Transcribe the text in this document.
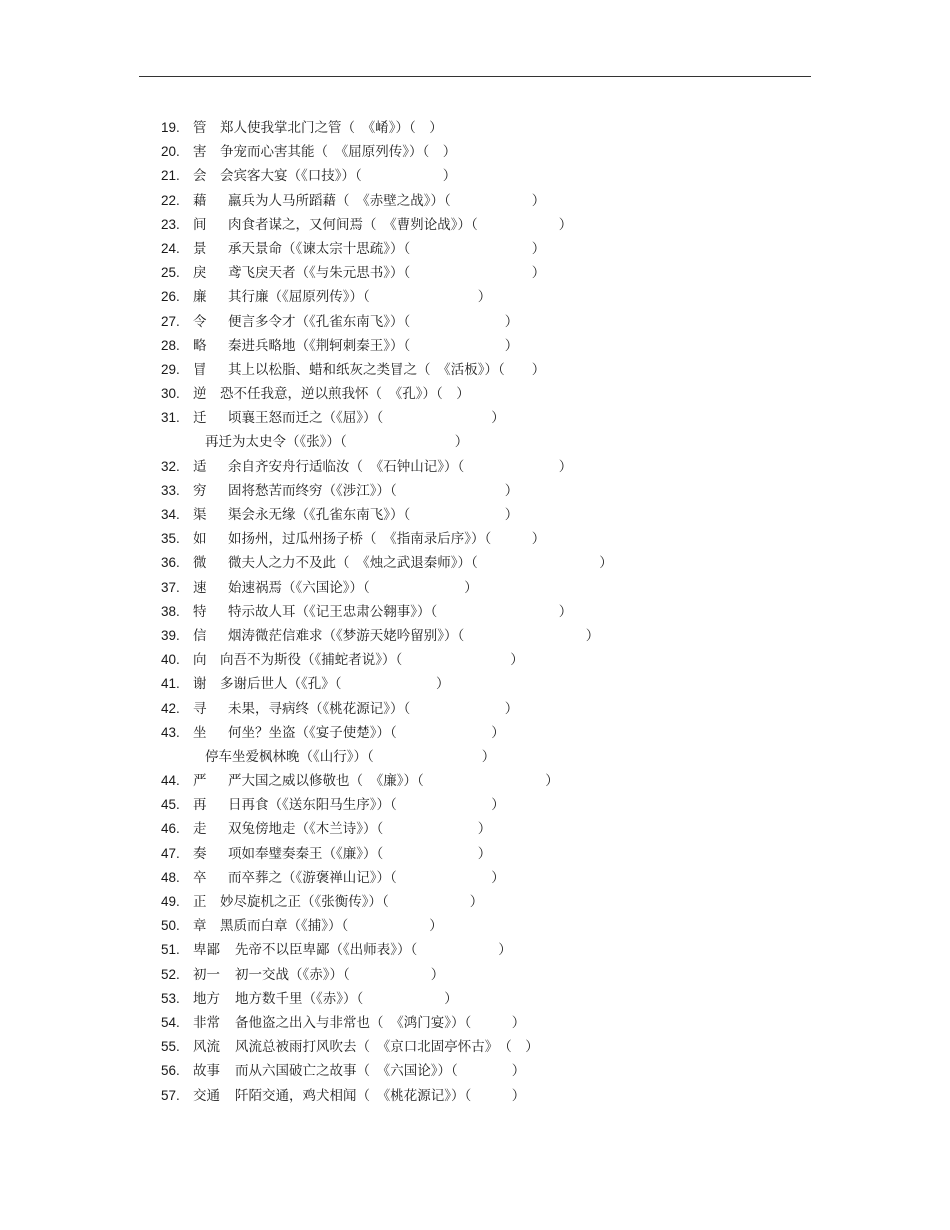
19. 管 郑人使我掌北门之管（　《崤》）（　）
20. 害 争宠而心害其能（　《屈原列传》）（　）
21. 会 会宾客大宴（《口技》）（　　　　　　）
22. 藉 羸兵为人马所蹈藉（　《赤壁之战》）（　　　　　　）
23. 间 肉食者谋之，又何间焉（　《曹刿论战》）（　　　　　　）
24. 景 承天景命（《谏太宗十思疏》）（　　　　　　　　　）
25. 戾 鸢飞戾天者（《与朱元思书》）（　　　　　　　　　）
26. 廉 其行廉（《屈原列传》）（　　　　　　　　）
27. 令 便言多令才（《孔雀东南飞》）（　　　　　　　）
28. 略 秦进兵略地（《荆轲刺秦王》）（　　　　　　　）
29. 冒 其上以松脂、蜡和纸灰之类冒之（　《活板》）（　　）
30. 逆 恐不任我意，逆以煎我怀（　《孔》）（　）
31. 迁 顷襄王怒而迁之（《屈》）（　　　　　　　　）
再迁为太史令（《张》）（　　　　　　　　）
32. 适 余自齐安舟行适临汝（　《石钟山记》）（　　　　　　　）
33. 穷 固将愁苦而终穷（《涉江》）（　　　　　　　　）
34. 渠 渠会永无缘（《孔雀东南飞》）（　　　　　　　）
35. 如 如扬州，过瓜州扬子桥（　《指南录后序》）（　　　）
36. 微 微夫人之力不及此（　《烛之武退秦师》）（　　　　　　　　　）
37. 速 始速祸焉（《六国论》）（　　　　　　　）
38. 特 特示故人耳（《记王忠肃公翱事》）（　　　　　　　　　）
39. 信 烟涛微茫信难求（《梦游天姥吟留别》）（　　　　　　　　　）
40. 向 向吾不为斯役（《捕蛇者说》）（　　　　　　　　）
41. 谢 多谢后世人（《孔》（　　　　　　　）
42. 寻 未果，寻病终（《桃花源记》）（　　　　　　　）
43. 坐 何坐？坐盗（《宴子使楚》）（　　　　　　　）
停车坐爱枫林晚（《山行》）（　　　　　　　　）
44. 严 严大国之威以修敬也（　《廉》）（　　　　　　　　　）
45. 再 日再食（《送东阳马生序》）（　　　　　　　）
46. 走 双兔傍地走（《木兰诗》）（　　　　　　　）
47. 奏 项如奉璧奏秦王（《廉》）（　　　　　　　）
48. 卒 而卒葬之（《游褒禅山记》）（　　　　　　　）
49. 正 妙尽旋机之正（《张衡传》）（　　　　　　）
50. 章 黑质而白章（《捕》）（　　　　　　）
51. 卑鄙 先帝不以臣卑鄙（《出师表》）（　　　　　　）
52. 初一 初一交战（《赤》）（　　　　　　）
53. 地方 地方数千里（《赤》）（　　　　　　）
54. 非常 备他盗之出入与非常也（　《鸿门宴》）（　　　）
55. 风流 风流总被雨打风吹去（　《京口北固亭怀古》　（　）
56. 故事 而从六国破亡之故事（　《六国论》）（　　　　）
57. 交通 阡陌交通，鸡犬相闻（　《桃花源记》）（　　　）
